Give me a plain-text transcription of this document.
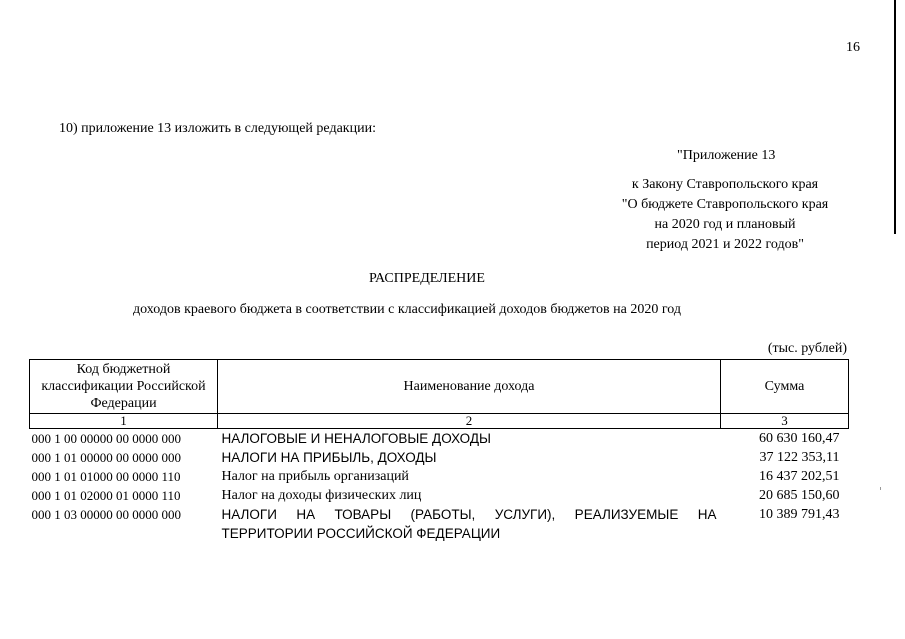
16
10) приложение 13 изложить в следующей редакции:
"Приложение 13
к Закону Ставропольского края
"О бюджете Ставропольского края
на 2020 год и плановый
период 2021 и 2022 годов"
РАСПРЕДЕЛЕНИЕ
доходов краевого бюджета в соответствии с классификацией доходов бюджетов на 2020 год
(тыс. рублей)
Код бюджетной
классификации Российской
Федерации	Наименование дохода	Сумма
1	2	3
000 1 00 00000 00 0000 000	НАЛОГОВЫЕ И НЕНАЛОГОВЫЕ ДОХОДЫ	60 630 160,47
000 1 01 00000 00 0000 000	НАЛОГИ НА ПРИБЫЛЬ, ДОХОДЫ	37 122 353,11
000 1 01 01000 00 0000 110	Налог на прибыль организаций	16 437 202,51
000 1 01 02000 01 0000 110	Налог на доходы физических лиц	20 685 150,60
000 1 03 00000 00 0000 000	НАЛОГИ НА ТОВАРЫ (РАБОТЫ, УСЛУГИ), РЕАЛИЗУЕМЫЕ НА
ТЕРРИТОРИИ РОССИЙСКОЙ ФЕДЕРАЦИИ	10 389 791,43
